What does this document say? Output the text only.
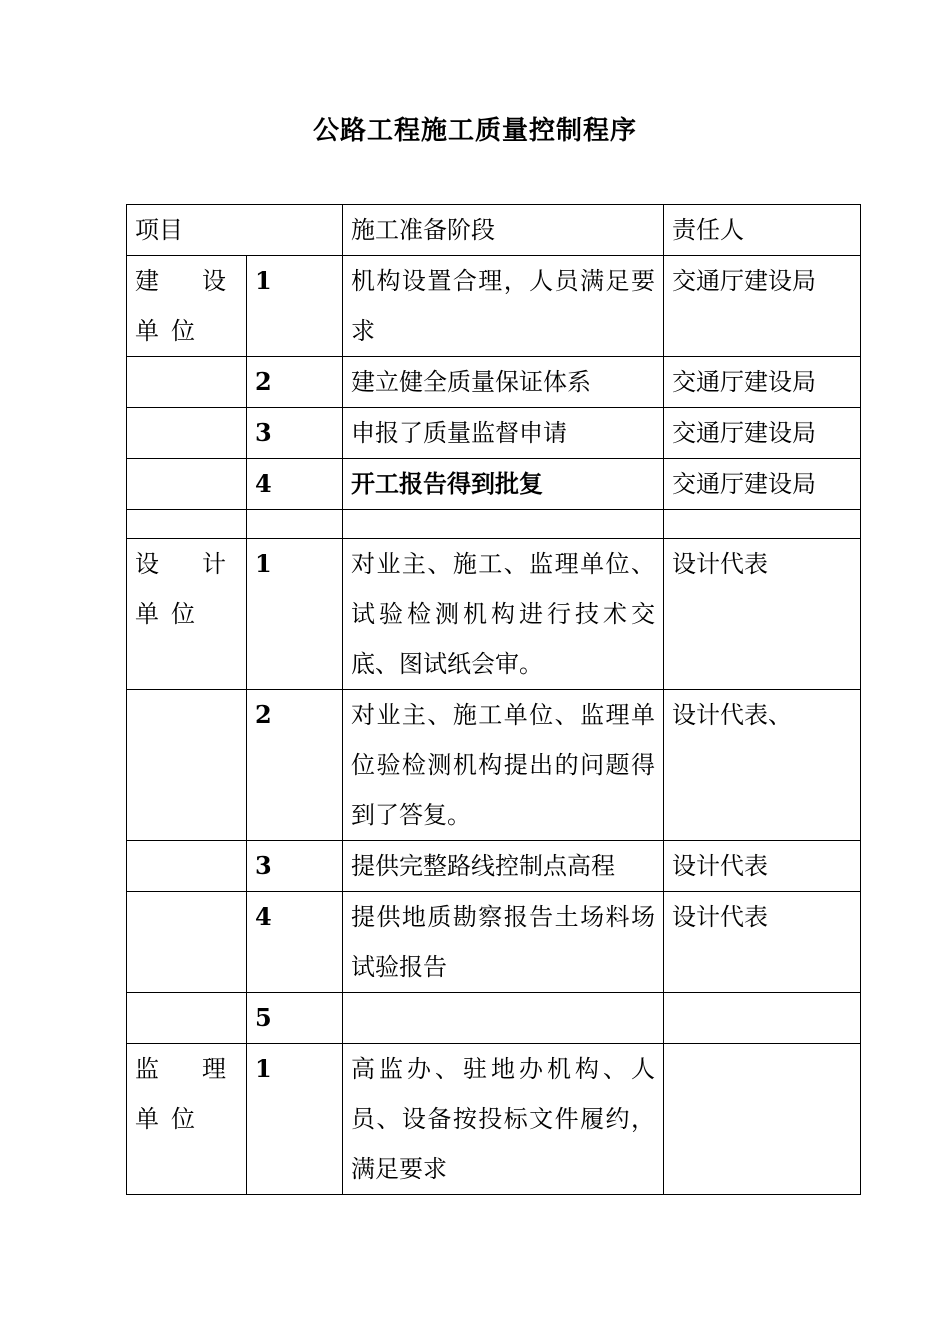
公路工程施工质量控制程序
项目		施工准备阶段	责任人
建设单位	1	机构设置合理，人员满足要求	交通厅建设局
	2	建立健全质量保证体系	交通厅建设局
	3	申报了质量监督申请	交通厅建设局
	4	开工报告得到批复	交通厅建设局

设计单位	1	对业主、施工、监理单位、试验检测机构进行技术交底、图试纸会审。	设计代表
	2	对业主、施工单位、监理单位验检测机构提出的问题得到了答复。	设计代表、
	3	提供完整路线控制点高程	设计代表
	4	提供地质勘察报告土场料场试验报告	设计代表
	5		
监理单位	1	高监办、驻地办机构、人员、设备按投标文件履约，满足要求	
